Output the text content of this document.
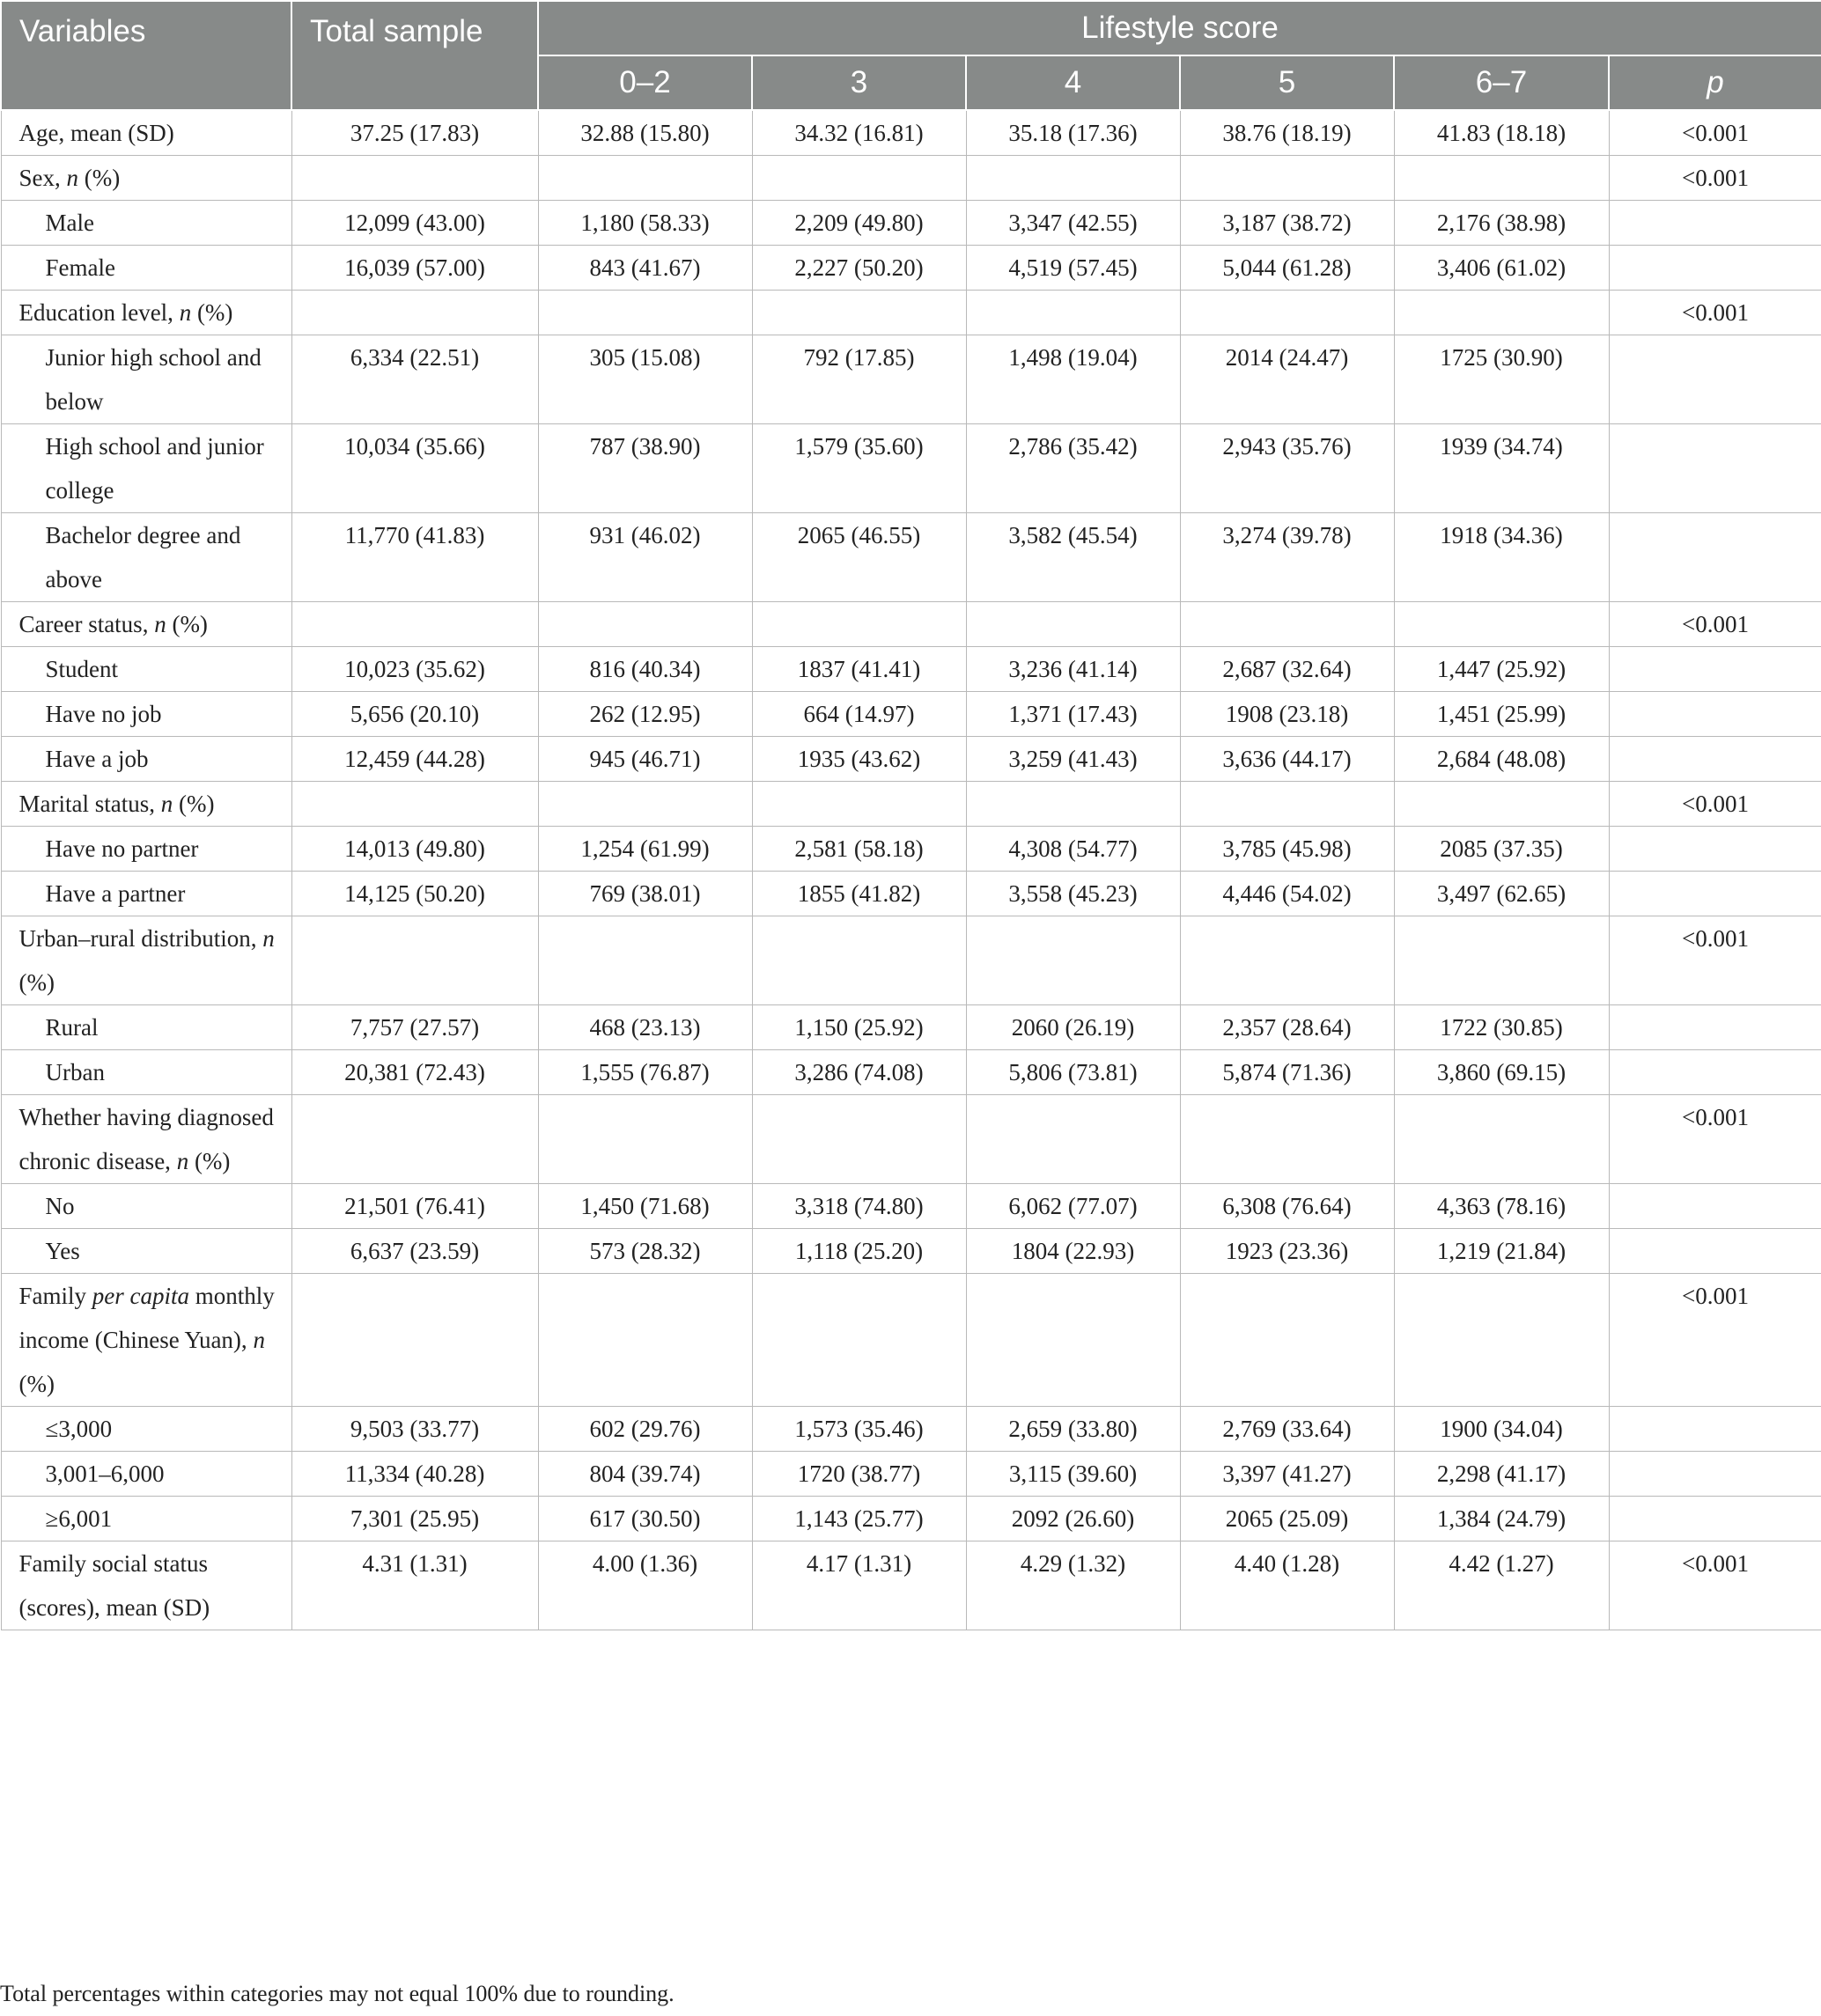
Variables	Total sample	Lifestyle score					
		0–2	3	4	5	6–7	p
Age, mean (SD)	37.25 (17.83)	32.88 (15.80)	34.32 (16.81)	35.18 (17.36)	38.76 (18.19)	41.83 (18.18)	<0.001
Sex, n (%)							<0.001
Male	12,099 (43.00)	1,180 (58.33)	2,209 (49.80)	3,347 (42.55)	3,187 (38.72)	2,176 (38.98)	
Female	16,039 (57.00)	843 (41.67)	2,227 (50.20)	4,519 (57.45)	5,044 (61.28)	3,406 (61.02)	
Education level, n (%)							<0.001
Junior high school and below	6,334 (22.51)	305 (15.08)	792 (17.85)	1,498 (19.04)	2014 (24.47)	1725 (30.90)	
High school and junior college	10,034 (35.66)	787 (38.90)	1,579 (35.60)	2,786 (35.42)	2,943 (35.76)	1939 (34.74)	
Bachelor degree and above	11,770 (41.83)	931 (46.02)	2065 (46.55)	3,582 (45.54)	3,274 (39.78)	1918 (34.36)	
Career status, n (%)							<0.001
Student	10,023 (35.62)	816 (40.34)	1837 (41.41)	3,236 (41.14)	2,687 (32.64)	1,447 (25.92)	
Have no job	5,656 (20.10)	262 (12.95)	664 (14.97)	1,371 (17.43)	1908 (23.18)	1,451 (25.99)	
Have a job	12,459 (44.28)	945 (46.71)	1935 (43.62)	3,259 (41.43)	3,636 (44.17)	2,684 (48.08)	
Marital status, n (%)							<0.001
Have no partner	14,013 (49.80)	1,254 (61.99)	2,581 (58.18)	4,308 (54.77)	3,785 (45.98)	2085 (37.35)	
Have a partner	14,125 (50.20)	769 (38.01)	1855 (41.82)	3,558 (45.23)	4,446 (54.02)	3,497 (62.65)	
Urban–rural distribution, n (%)							<0.001
Rural	7,757 (27.57)	468 (23.13)	1,150 (25.92)	2060 (26.19)	2,357 (28.64)	1722 (30.85)	
Urban	20,381 (72.43)	1,555 (76.87)	3,286 (74.08)	5,806 (73.81)	5,874 (71.36)	3,860 (69.15)	
Whether having diagnosed chronic disease, n (%)							<0.001
No	21,501 (76.41)	1,450 (71.68)	3,318 (74.80)	6,062 (77.07)	6,308 (76.64)	4,363 (78.16)	
Yes	6,637 (23.59)	573 (28.32)	1,118 (25.20)	1804 (22.93)	1923 (23.36)	1,219 (21.84)	
Family per capita monthly income (Chinese Yuan), n (%)							<0.001
≤3,000	9,503 (33.77)	602 (29.76)	1,573 (35.46)	2,659 (33.80)	2,769 (33.64)	1900 (34.04)	
3,001–6,000	11,334 (40.28)	804 (39.74)	1720 (38.77)	3,115 (39.60)	3,397 (41.27)	2,298 (41.17)	
≥6,001	7,301 (25.95)	617 (30.50)	1,143 (25.77)	2092 (26.60)	2065 (25.09)	1,384 (24.79)	
Family social status (scores), mean (SD)	4.31 (1.31)	4.00 (1.36)	4.17 (1.31)	4.29 (1.32)	4.40 (1.28)	4.42 (1.27)	<0.001
Total percentages within categories may not equal 100% due to rounding.
